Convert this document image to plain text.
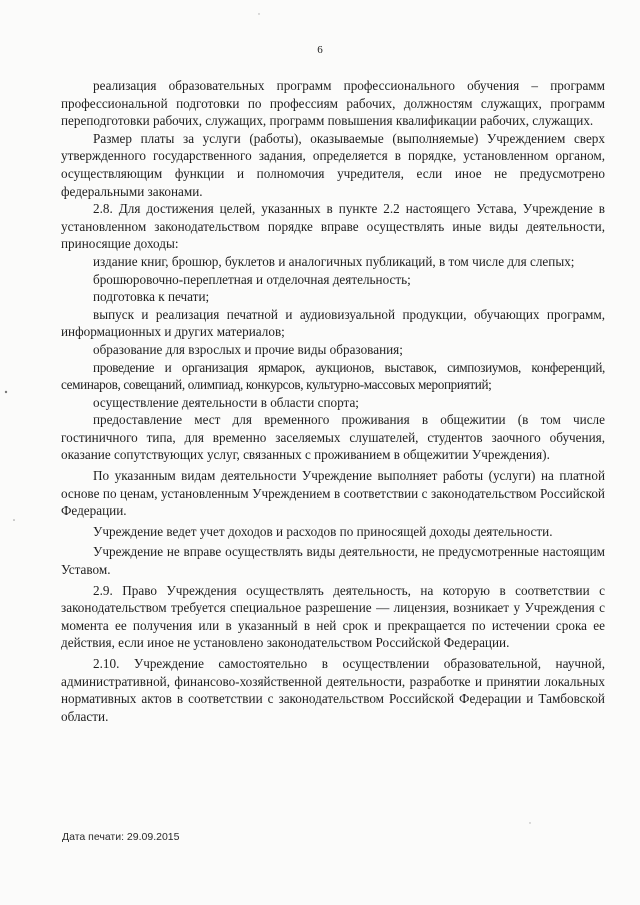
6

реализация образовательных программ профессионального обучения – программ профессиональной подготовки по профессиям рабочих, должностям служащих, программ переподготовки рабочих, служащих, программ повышения квалификации рабочих, служащих.

Размер платы за услуги (работы), оказываемые (выполняемые) Учреждением сверх утвержденного государственного задания, определяется в порядке, установленном органом, осуществляющим функции и полномочия учредителя, если иное не предусмотрено федеральными законами.

2.8. Для достижения целей, указанных в пункте 2.2 настоящего Устава, Учреждение в установленном законодательством порядке вправе осуществлять иные виды деятельности, приносящие доходы:

издание книг, брошюр, буклетов и аналогичных публикаций, в том числе для слепых;

брошюровочно-переплетная и отделочная деятельность;

подготовка к печати;

выпуск и реализация печатной и аудиовизуальной продукции, обучающих программ, информационных и других материалов;

образование для взрослых и прочие виды образования;

проведение и организация ярмарок, аукционов, выставок, симпозиумов, конференций, семинаров, совещаний, олимпиад, конкурсов, культурно-массовых мероприятий;

осуществление деятельности в области спорта;

предоставление мест для временного проживания в общежитии (в том числе гостиничного типа, для временно заселяемых слушателей, студентов заочного обучения, оказание сопутствующих услуг, связанных с проживанием в общежитии Учреждения).

По указанным видам деятельности Учреждение выполняет работы (услуги) на платной основе по ценам, установленным Учреждением в соответствии с законодательством Российской Федерации.

Учреждение ведет учет доходов и расходов по приносящей доходы деятельности.

Учреждение не вправе осуществлять виды деятельности, не предусмотренные настоящим Уставом.

2.9. Право Учреждения осуществлять деятельность, на которую в соответствии с законодательством требуется специальное разрешение — лицензия, возникает у Учреждения с момента ее получения или в указанный в ней срок и прекращается по истечении срока ее действия, если иное не установлено законодательством Российской Федерации.

2.10. Учреждение самостоятельно в осуществлении образовательной, научной, административной, финансово-хозяйственной деятельности, разработке и принятии локальных нормативных актов в соответствии с законодательством Российской Федерации и Тамбовской области.

Дата печати: 29.09.2015
